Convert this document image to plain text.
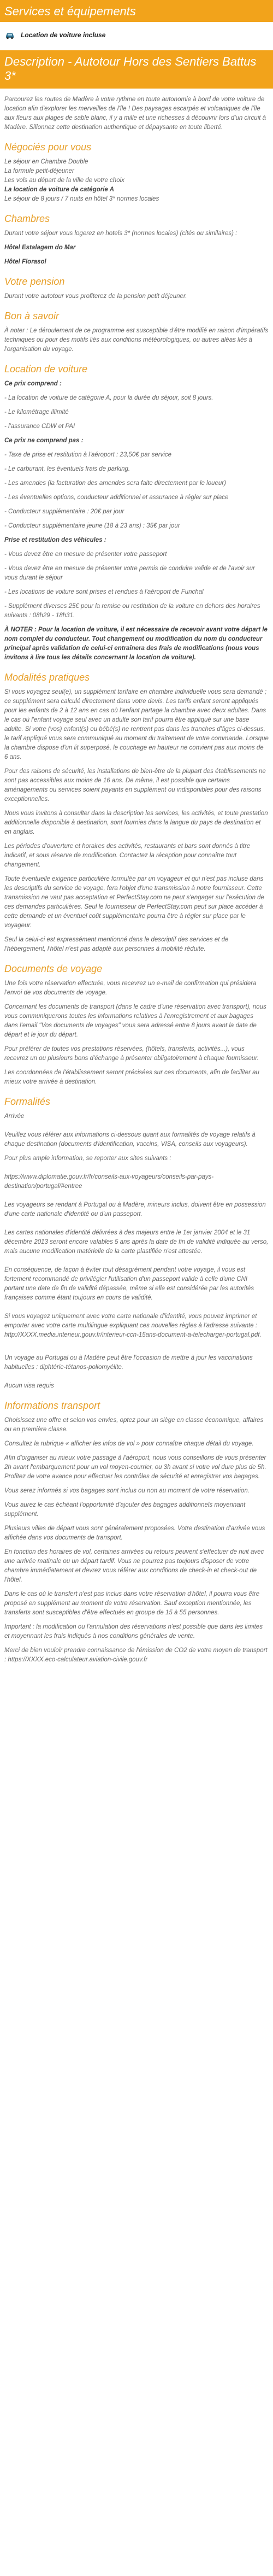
Services et équipements
Location de voiture incluse
Description - Autotour Hors des Sentiers Battus 3*

Parcourez les routes de Madère à votre rythme en toute autonomie à bord de votre voiture de location afin d'explorer les merveilles de l'île ! Des paysages escarpés et volcaniques de l'île aux fleurs aux plages de sable blanc, il y a mille et une richesses à découvrir lors d'un circuit à Madère. Sillonnez cette destination authentique et dépaysante en toute liberté.

Négociés pour vous

Le séjour en Chambre Double

La formule petit-déjeuner

Les vols au départ de la ville de votre choix

La location de voiture de catégorie A

Le séjour de 8 jours / 7 nuits en hôtel 3* normes locales

Chambres

Durant votre séjour vous logerez en hotels 3* (normes locales) (cités ou similaires) :

Hôtel Estalagem do Mar

Hôtel Florasol

Votre pension

Durant votre autotour vous profiterez de la pension petit déjeuner.

Bon à savoir

À noter : Le déroulement de ce programme est susceptible d'être modifié en raison d'impératifs techniques ou pour des motifs liés aux conditions météorologiques, ou autres aléas liés à l'organisation du voyage.

Location de voiture

Ce prix comprend :

- La location de voiture de catégorie A, pour la durée du séjour, soit 8 jours.

- Le kilométrage illimité

- l'assurance CDW et PAI

Ce prix ne comprend pas :

- Taxe de prise et restitution à l'aéroport : 23,50€ par service

- Le carburant, les éventuels frais de parking.

- Les amendes (la facturation des amendes sera faite directement par le loueur)

- Les éventuelles options, conducteur additionnel et assurance à régler sur place

- Conducteur supplémentaire : 20€ par jour

- Conducteur supplémentaire jeune (18 à 23 ans) : 35€ par jour

Prise et restitution des véhicules :

- Vous devez être en mesure de présenter votre passeport

- Vous devez être en mesure de présenter votre permis de conduire valide et de l'avoir sur vous durant le séjour

- Les locations de voiture sont prises et rendues à l'aéroport de Funchal

- Supplément diverses 25€ pour la remise ou restitution de la voiture en dehors des horaires suivants : 08h29 - 18h31.

À NOTER : Pour la location de voiture, il est nécessaire de recevoir avant votre départ le nom complet du conducteur. Tout changement ou modification du nom du conducteur principal après validation de celui-ci entraînera des frais de modifications (nous vous invitons à lire tous les détails concernant la location de voiture).

Modalités pratiques

Si vous voyagez seul(e), un supplément tarifaire en chambre individuelle vous sera demandé ; ce supplément sera calculé directement dans votre devis. Les tarifs enfant seront appliqués pour les enfants de 2 à 12 ans en cas où l'enfant partage la chambre avec deux adultes. Dans le cas où l'enfant voyage seul avec un adulte son tarif pourra être appliqué sur une base adulte. Si votre (vos) enfant(s) ou bébé(s) ne rentrent pas dans les tranches d'âges ci-dessus, le tarif appliqué vous sera communiqué au moment du traitement de votre commande. Lorsque la chambre dispose d'un lit superposé, le couchage en hauteur ne convient pas aux moins de 6 ans.

Pour des raisons de sécurité, les installations de bien-être de la plupart des établissements ne sont pas accessibles aux moins de 16 ans. De même, il est possible que certains aménagements ou services soient payants en supplément ou indisponibles pour des raisons exceptionnelles.

Nous vous invitons à consulter dans la description les services, les activités, et toute prestation additionnelle disponible à destination, sont fournies dans la langue du pays de destination et en anglais.

Les périodes d'ouverture et horaires des activités, restaurants et bars sont donnés à titre indicatif, et sous réserve de modification. Contactez la réception pour connaître tout changement.

Toute éventuelle exigence particulière formulée par un voyageur et qui n'est pas incluse dans les descriptifs du service de voyage, fera l'objet d'une transmission à notre fournisseur. Cette transmission ne vaut pas acceptation et PerfectStay.com ne peut s'engager sur l'exécution de ces demandes particulières. Seul le fournisseur de PerfectStay.com peut sur place accéder à cette demande et un éventuel coût supplémentaire pourra être à régler sur place par le voyageur.

Seul la celui-ci est expressément mentionné dans le descriptif des services et de l'hébergement, l'hôtel n'est pas adapté aux personnes à mobilité réduite.

Documents de voyage

Une fois votre réservation effectuée, vous recevrez un e-mail de confirmation qui présidera l'envoi de vos documents de voyage.

Concernant les documents de transport (dans le cadre d'une réservation avec transport), nous vous communiquerons toutes les informations relatives à l'enregistrement et aux bagages dans l'email "Vos documents de voyages" vous sera adressé entre 8 jours avant la date de départ et le jour du départ.

Pour préférer de toutes vos prestations réservées, (hôtels, transferts, activités...), vous recevrez un ou plusieurs bons d'échange à présenter obligatoirement à chaque fournisseur.

Les coordonnées de l'établissement seront précisées sur ces documents, afin de faciliter au mieux votre arrivée à destination.

Formalités

Arrivée

Veuillez vous référer aux informations ci-dessous quant aux formalités de voyage relatifs à chaque destination (documents d'identification, vaccins, VISA, conseils aux voyageurs).

Pour plus ample information, se reporter aux sites suivants :

https://www.diplomatie.gouv.fr/fr/conseils-aux-voyageurs/conseils-par-pays-destination/portugal/#entree

Les voyageurs se rendant à Portugal ou à Madère, mineurs inclus, doivent être en possession d'une carte nationale d'identité ou d'un passeport.

Les cartes nationales d'identité délivrées à des majeurs entre le 1er janvier 2004 et le 31 décembre 2013 seront encore valables 5 ans après la date de fin de validité indiquée au verso, mais aucune modification matérielle de la carte plastifiée n'est attestée.

En conséquence, de façon à éviter tout désagrément pendant votre voyage, il vous est fortement recommandé de privilégier l'utilisation d'un passeport valide à celle d'une CNI portant une date de fin de validité dépassée, même si elle est considérée par les autorités françaises comme étant toujours en cours de validité.

Si vous voyagez uniquement avec votre carte nationale d'identité, vous pouvez imprimer et emporter avec votre carte multilingue expliquant ces nouvelles règles à l'adresse suivante : http://XXXX.media.interieur.gouv.fr/interieur-ccn-15ans-document-a-telecharger-portugal.pdf.

Un voyage au Portugal ou à Madère peut être l'occasion de mettre à jour les vaccinations habituelles : diphtérie-tétanos-poliomyélite.

Aucun visa requis

Informations transport

Choisissez une offre et selon vos envies, optez pour un siège en classe économique, affaires ou en première classe.

Consultez la rubrique « afficher les infos de vol » pour connaître chaque détail du voyage.

Afin d'organiser au mieux votre passage à l'aéroport, nous vous conseillons de vous présenter 2h avant l'embarquement pour un vol moyen-courrier, ou 3h avant si votre vol dure plus de 5h. Profitez de votre avance pour effectuer les contrôles de sécurité et enregistrer vos bagages.

Vous serez informés si vos bagages sont inclus ou non au moment de votre réservation.

Vous aurez le cas échéant l'opportunité d'ajouter des bagages additionnels moyennant supplément.

Plusieurs villes de départ vous sont généralement proposées. Votre destination d'arrivée vous affichée dans vos documents de transport.

En fonction des horaires de vol, certaines arrivées ou retours peuvent s'effectuer de nuit avec une arrivée matinale ou un départ tardif. Vous ne pourrez pas toujours disposer de votre chambre immédiatement et devrez vous référer aux conditions de check-in et check-out de l'hôtel.

Dans le cas où le transfert n'est pas inclus dans votre réservation d'hôtel, il pourra vous être proposé en supplément au moment de votre réservation. Sauf exception mentionnée, les transferts sont susceptibles d'être effectués en groupe de 15 à 55 personnes.

Important : la modification ou l'annulation des réservations n'est possible que dans les limites et moyennant les frais indiqués à nos conditions générales de vente.

Merci de bien vouloir prendre connaissance de l'émission de CO2 de votre moyen de transport : https://XXXX.eco-calculateur.aviation-civile.gouv.fr
